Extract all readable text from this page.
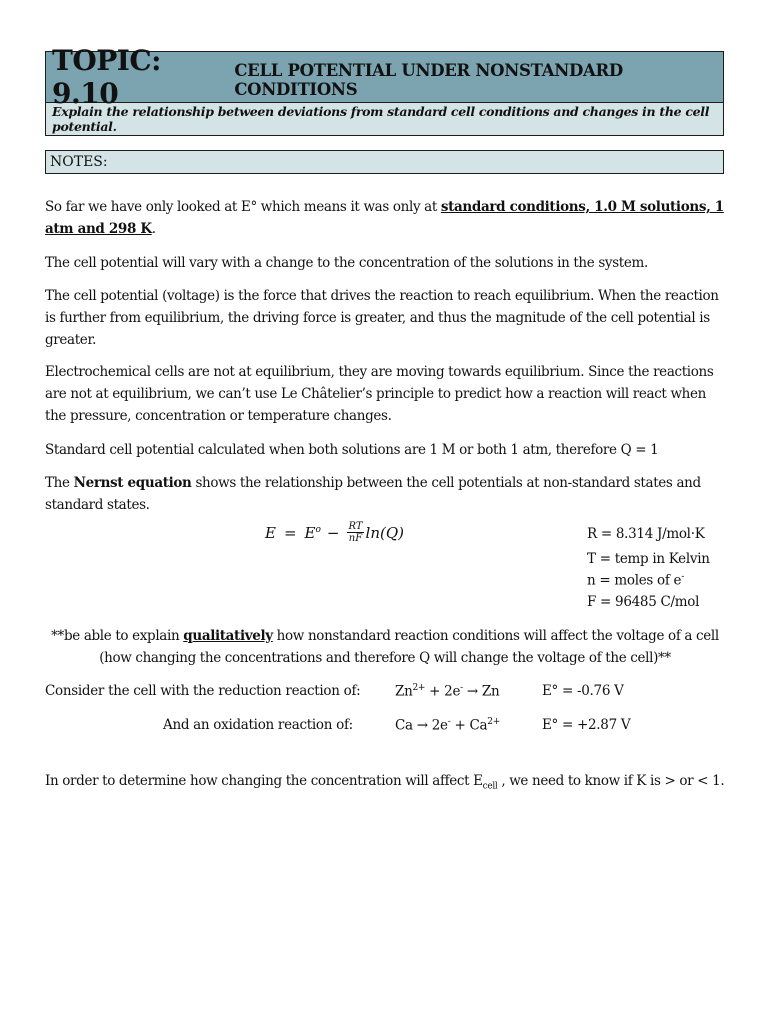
TOPIC: 9.10
CELL POTENTIAL UNDER NONSTANDARD CONDITIONS
Explain the relationship between deviations from standard cell conditions and changes in the cell potential.
NOTES:
So far we have only looked at E° which means it was only at standard conditions, 1.0 M solutions, 1 atm and 298 K.
The cell potential will vary with a change to the concentration of the solutions in the system.
The cell potential (voltage) is the force that drives the reaction to reach equilibrium. When the reaction is further from equilibrium, the driving force is greater, and thus the magnitude of the cell potential is greater.
Electrochemical cells are not at equilibrium, they are moving towards equilibrium. Since the reactions are not at equilibrium, we can’t use Le Châtelier’s principle to predict how a reaction will react when the pressure, concentration or temperature changes.
Standard cell potential calculated when both solutions are 1 M or both 1 atm, therefore Q = 1
The Nernst equation shows the relationship between the cell potentials at non-standard states and standard states.
$E = E^o - \frac{RT}{nF} \ln(Q)$	R = 8.314 J/mol·K
T = temp in Kelvin
n = moles of e-
F = 96485 C/mol
**be able to explain qualitatively how nonstandard reaction conditions will affect the voltage of a cell
(how changing the concentrations and therefore Q will change the voltage of the cell)**
Consider the cell with the reduction reaction of:	$Zn^{2+} + 2e^- \to Zn$	E° = -0.76 V
And an oxidation reaction of:	$Ca \to 2e^- + Ca^{2+}$	E° = +2.87 V
In order to determine how changing the concentration will affect $E_{cell}$ , we need to know if K is > or < 1.
